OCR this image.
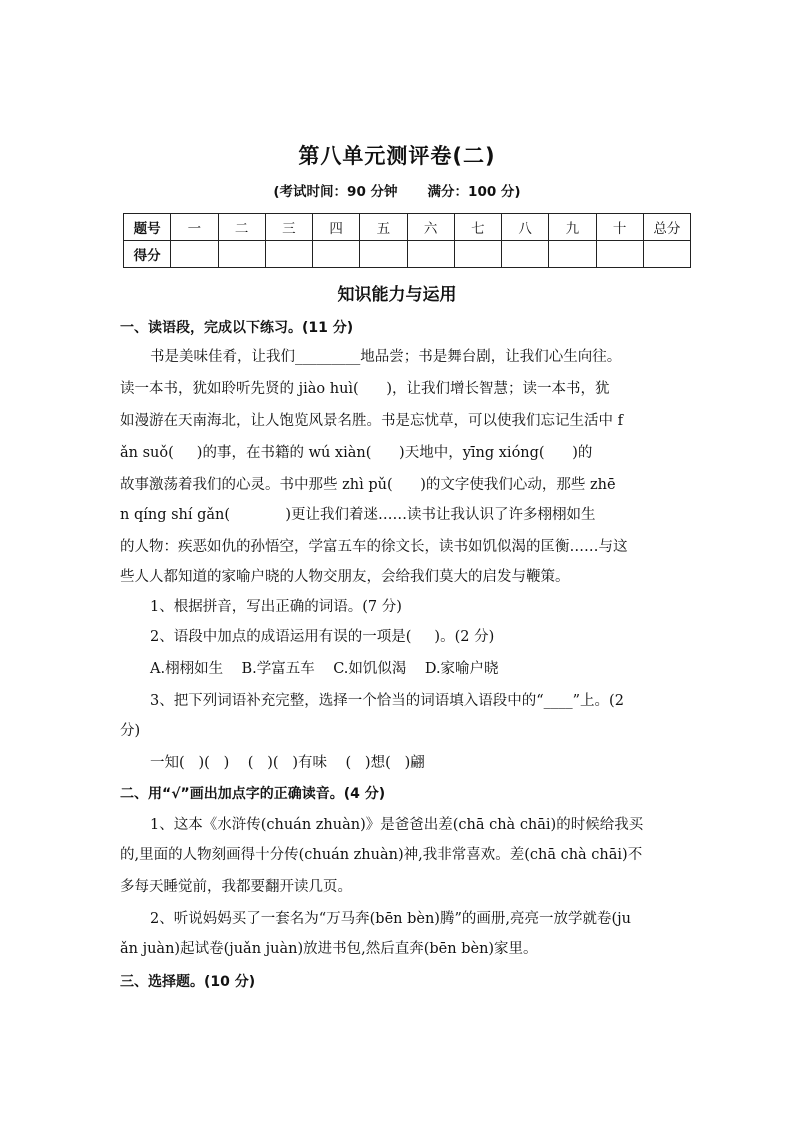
第八单元测评卷(二)
(考试时间：90 分钟 满分：100 分)
题号	一	二	三	四	五	六	七	八	九	十	总分
得分											
知识能力与运用
一、读语段，完成以下练习。(11 分)
书是美味佳肴，让我们_________地品尝；书是舞台剧，让我们心生向往。
读一本书，犹如聆听先贤的 jiào huì(      )，让我们增长智慧；读一本书，犹
如漫游在天南海北，让人饱览风景名胜。书是忘忧草，可以使我们忘记生活中 f
ǎn suǒ(     )的事，在书籍的 wú xiàn(      )天地中，yīng xióng(      )的
故事激荡着我们的心灵。书中那些 zhì pǔ(      )的文字使我们心动，那些 zhē
n qíng shí gǎn(            )更让我们着迷……读书让我认识了许多栩栩如生
的人物：疾恶如仇的孙悟空，学富五车的徐文长，读书如饥似渴的匡衡……与这
些人人都知道的家喻户晓的人物交朋友，会给我们莫大的启发与鞭策。
1、根据拼音，写出正确的词语。(7 分)
2、语段中加点的成语运用有误的一项是(     )。(2 分)
A.栩栩如生    B.学富五车    C.如饥似渴    D.家喻户晓
3、把下列词语补充完整，选择一个恰当的词语填入语段中的“____”上。(2
分)
一知(   )(   )    (   )(   )有味    (   )想(   )翩
二、用“√”画出加点字的正确读音。(4 分)
1、这本《水浒传(chuán zhuàn)》是爸爸出差(chā chà chāi)的时候给我买
的,里面的人物刻画得十分传(chuán zhuàn)神,我非常喜欢。差(chā chà chāi)不
多每天睡觉前，我都要翻开读几页。
2、听说妈妈买了一套名为“万马奔(bēn bèn)腾”的画册,亮亮一放学就卷(ju
ǎn juàn)起试卷(juǎn juàn)放进书包,然后直奔(bēn bèn)家里。
三、选择题。(10 分)
